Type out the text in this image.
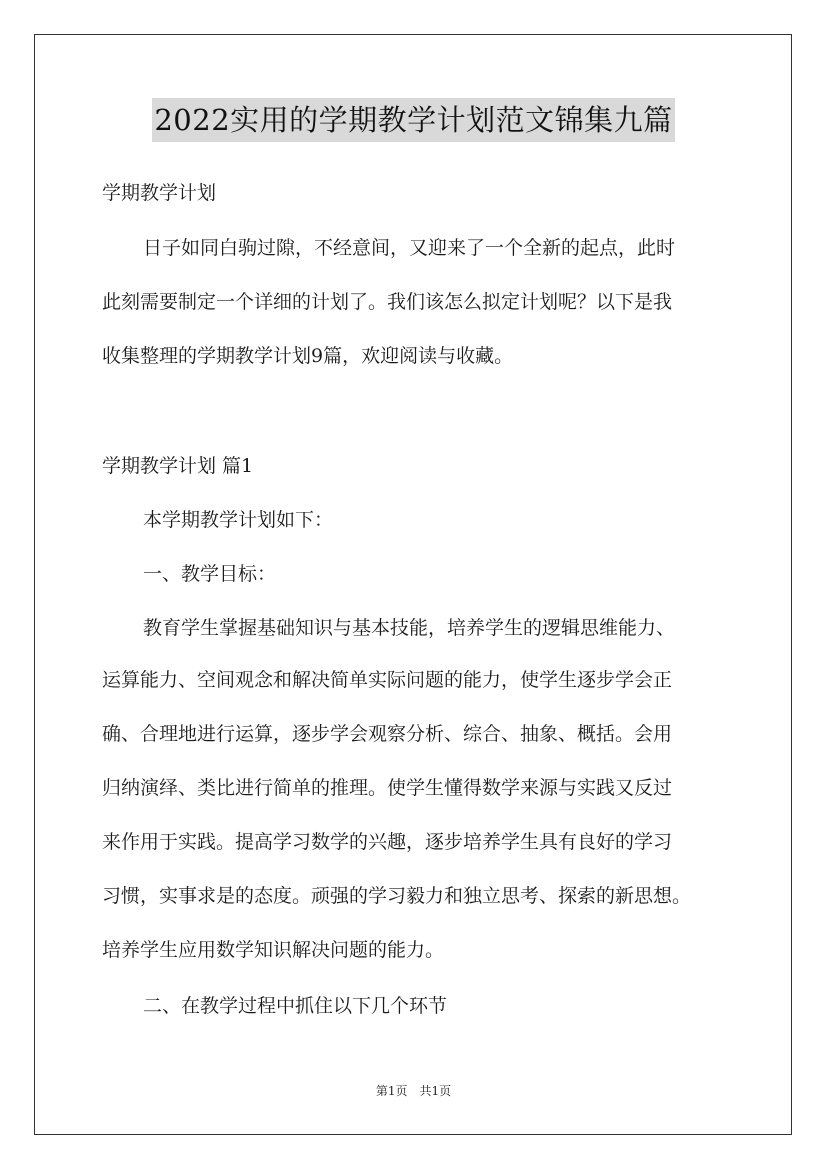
2022实用的学期教学计划范文锦集九篇
学期教学计划
日子如同白驹过隙，不经意间，又迎来了一个全新的起点，此时
此刻需要制定一个详细的计划了。我们该怎么拟定计划呢？以下是我
收集整理的学期教学计划9篇，欢迎阅读与收藏。
学期教学计划 篇1
本学期教学计划如下：
一、教学目标：
教育学生掌握基础知识与基本技能，培养学生的逻辑思维能力、
运算能力、空间观念和解决简单实际问题的能力，使学生逐步学会正
确、合理地进行运算，逐步学会观察分析、综合、抽象、概括。会用
归纳演绎、类比进行简单的推理。使学生懂得数学来源与实践又反过
来作用于实践。提高学习数学的兴趣，逐步培养学生具有良好的学习
习惯，实事求是的态度。顽强的学习毅力和独立思考、探索的新思想。
培养学生应用数学知识解决问题的能力。
二、在教学过程中抓住以下几个环节
第1页 共1页
